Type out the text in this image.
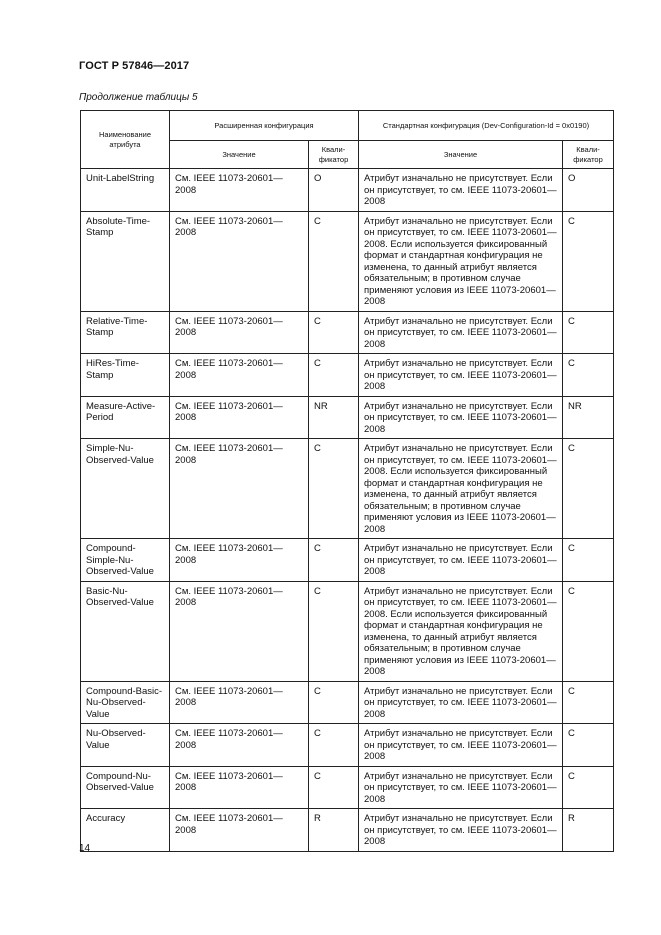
ГОСТ Р 57846—2017
Продолжение таблицы 5
Наименование атрибута	Расширенная конфигурация		Стандартная конфигурация (Dev-Configuration-Id = 0x0190)	
	Значение	Квали-фикатор	Значение	Квали-фикатор
Unit-LabelString	См. IEEE 11073-20601—2008	O	Атрибут изначально не присутствует. Если он присутствует, то см. IEEE 11073-20601—2008	O
Absolute-Time-Stamp	См. IEEE 11073-20601—2008	C	Атрибут изначально не присутствует. Если он присутствует, то см. IEEE 11073-20601—2008. Если используется фиксированный формат и стандартная конфигурация не изменена, то данный атрибут является обязательным; в противном случае применяют условия из IEEE 11073-20601—2008	C
Relative-Time-Stamp	См. IEEE 11073-20601—2008	C	Атрибут изначально не присутствует. Если он присутствует, то см. IEEE 11073-20601—2008	C
HiRes-Time-Stamp	См. IEEE 11073-20601—2008	C	Атрибут изначально не присутствует. Если он присутствует, то см. IEEE 11073-20601—2008	C
Measure-Active-Period	См. IEEE 11073-20601—2008	NR	Атрибут изначально не присутствует. Если он присутствует, то см. IEEE 11073-20601—2008	NR
Simple-Nu-Observed-Value	См. IEEE 11073-20601—2008	C	Атрибут изначально не присутствует. Если он присутствует, то см. IEEE 11073-20601—2008. Если используется фиксированный формат и стандартная конфигурация не изменена, то данный атрибут является обязательным; в противном случае применяют условия из IEEE 11073-20601—2008	C
Compound-Simple-Nu-Observed-Value	См. IEEE 11073-20601—2008	C	Атрибут изначально не присутствует. Если он присутствует, то см. IEEE 11073-20601—2008	C
Basic-Nu-Observed-Value	См. IEEE 11073-20601—2008	C	Атрибут изначально не присутствует. Если он присутствует, то см. IEEE 11073-20601—2008. Если используется фиксированный формат и стандартная конфигурация не изменена, то данный атрибут является обязательным; в противном случае применяют условия из IEEE 11073-20601—2008	C
Compound-Basic-Nu-Observed-Value	См. IEEE 11073-20601—2008	C	Атрибут изначально не присутствует. Если он присутствует, то см. IEEE 11073-20601—2008	C
Nu-Observed-Value	См. IEEE 11073-20601—2008	C	Атрибут изначально не присутствует. Если он присутствует, то см. IEEE 11073-20601—2008	C
Compound-Nu-Observed-Value	См. IEEE 11073-20601—2008	C	Атрибут изначально не присутствует. Если он присутствует, то см. IEEE 11073-20601—2008	C
Accuracy	См. IEEE 11073-20601—2008	R	Атрибут изначально не присутствует. Если он присутствует, то см. IEEE 11073-20601—2008	R
14
